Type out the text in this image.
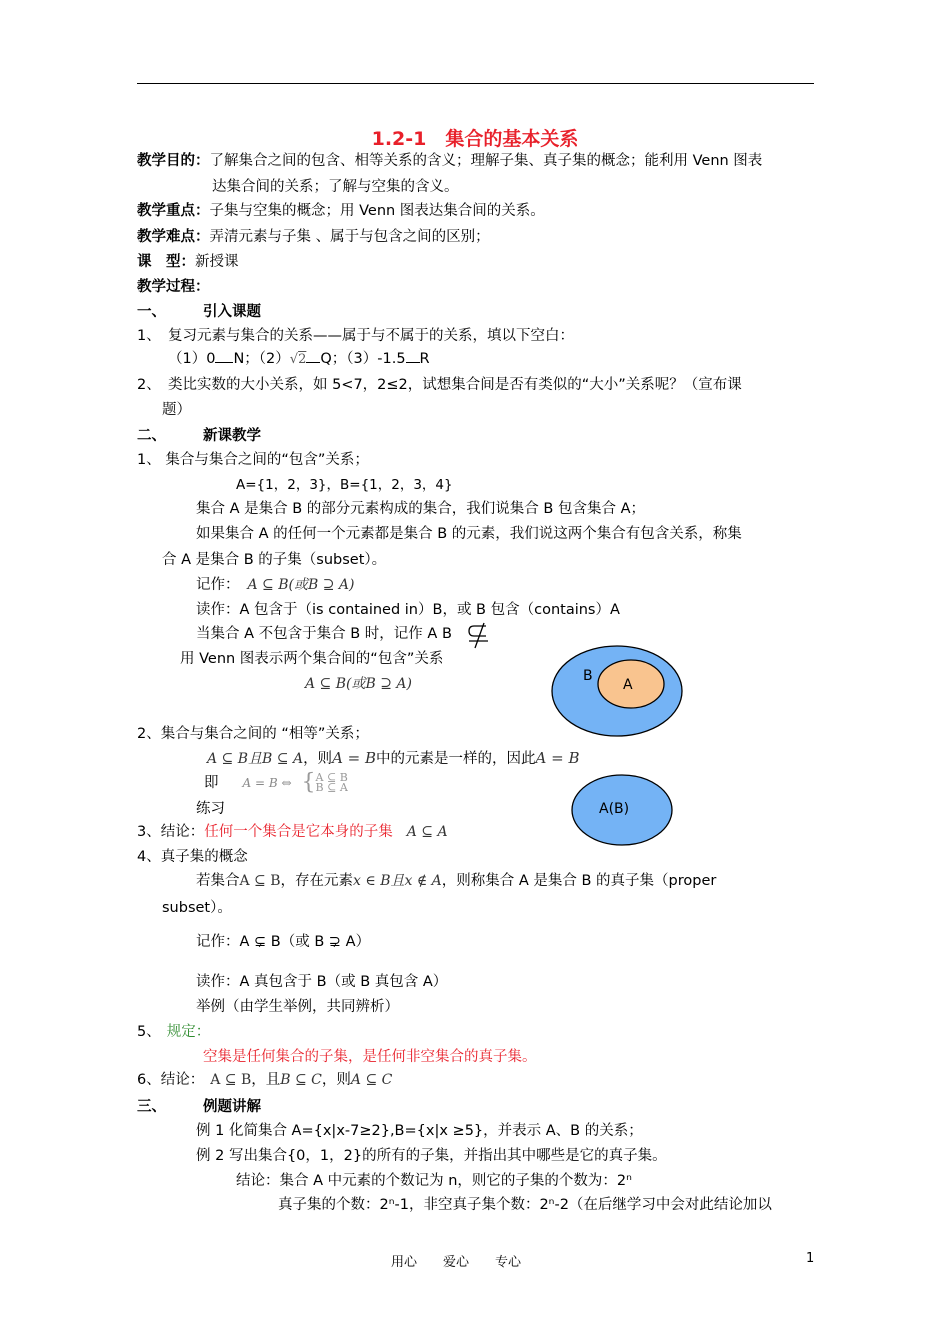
1.2-1　集合的基本关系
教学目的：了解集合之间的包含、相等关系的含义；理解子集、真子集的概念；能利用 Venn 图表
达集合间的关系；了解与空集的含义。
教学重点：子集与空集的概念；用 Venn 图表达集合间的关系。
教学难点：弄清元素与子集 、属于与包含之间的区别；
课　型：新授课
教学过程：
一、	引入课题
1、　复习元素与集合的关系——属于与不属于的关系，填以下空白：
（1）0 N；（2）√2 Q；（3）-1.5 R
2、　类比实数的大小关系，如 5<7，2≤2，试想集合间是否有类似的“大小”关系呢？（宣布课
题）
二、	新课教学
1、 集合与集合之间的“包含”关系；
A={1，2，3}，B={1，2，3，4}
集合 A 是集合 B 的部分元素构成的集合，我们说集合 B 包含集合 A；
如果集合 A 的任何一个元素都是集合 B 的元素，我们说这两个集合有包含关系，称集
合 A 是集合 B 的子集（subset）。
记作： A ⊆ B(或B ⊇ A)
读作：A 包含于（is contained in）B，或 B 包含（contains）A
当集合 A 不包含于集合 B 时，记作 A B
用 Venn 图表示两个集合间的“包含”关系
A ⊆ B(或B ⊇ A)	B
A
2、集合与集合之间的 “相等”关系；
A ⊆ B且B ⊆ A，则A = B中的元素是一样的，因此A = B
即 A = B ⇔ {A ⊆ B
B ⊆ A
练习	A(B)
3、结论：任何一个集合是它本身的子集 A ⊆ A
4、真子集的概念
若集合A ⊆ B，存在元素x ∈ B且x ∉ A，则称集合 A 是集合 B 的真子集（proper
subset）。
记作：A ⊊ B（或 B ⊋ A）
读作：A 真包含于 B（或 B 真包含 A）
举例（由学生举例，共同辨析）
5、 规定：
空集是任何集合的子集，是任何非空集合的真子集。
6、结论： A ⊆ B，且B ⊆ C，则A ⊆ C
三、	例题讲解
例 1 化简集合 A={x|x-7≥2},B={x|x ≥5}，并表示 A、B 的关系；
例 2 写出集合{0，1，2}的所有的子集，并指出其中哪些是它的真子集。
结论：集合 A 中元素的个数记为 n，则它的子集的个数为：2ⁿ
真子集的个数：2ⁿ-1，非空真子集个数：2ⁿ-2（在后继学习中会对此结论加以
用心　　爱心　　专心	1
